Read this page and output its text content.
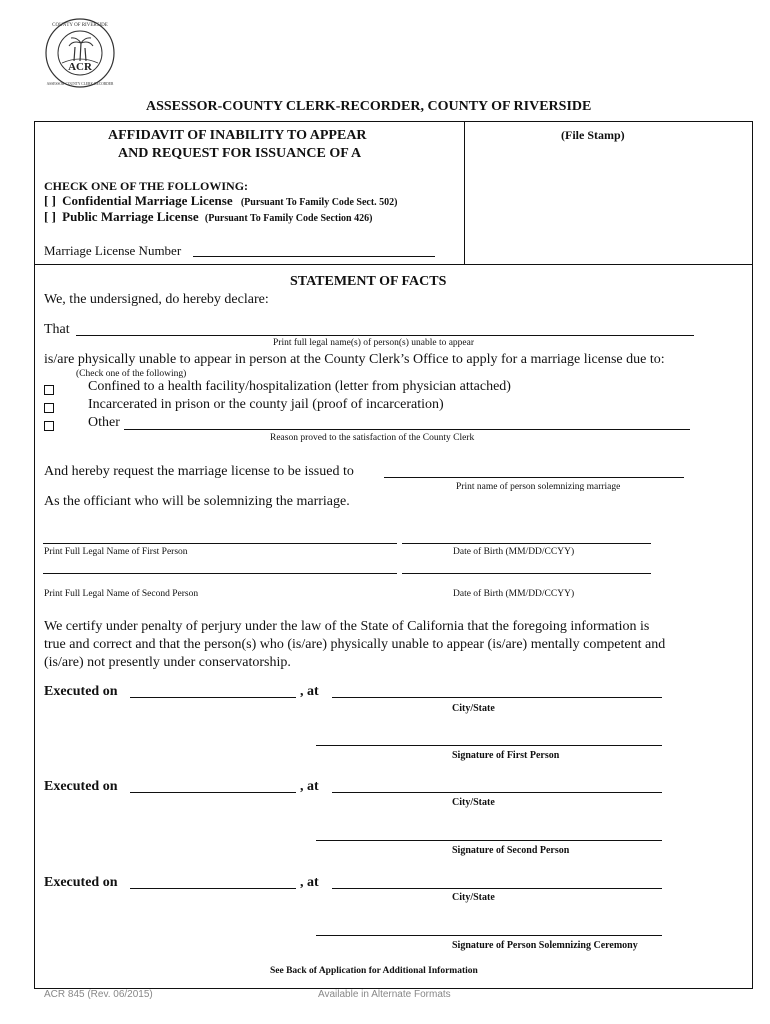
ACR
COUNTY OF RIVERSIDE
ASSESSOR-COUNTY CLERK-RECORDER
ASSESSOR-COUNTY CLERK-RECORDER, COUNTY OF RIVERSIDE
AFFIDAVIT OF INABILITY TO APPEAR
AND REQUEST FOR ISSUANCE OF A
(File Stamp)
CHECK ONE OF THE FOLLOWING:
[ ] Confidential Marriage License (Pursuant To Family Code Sect. 502)
[ ] Public Marriage License (Pursuant To Family Code Section 426)
Marriage License Number
STATEMENT OF FACTS
We, the undersigned, do hereby declare:
That
Print full legal name(s) of person(s) unable to appear
is/are physically unable to appear in person at the County Clerk’s Office to apply for a marriage license due to:
(Check one of the following)
Confined to a health facility/hospitalization (letter from physician attached)
Incarcerated in prison or the county jail (proof of incarceration)
Other
Reason proved to the satisfaction of the County Clerk
And hereby request the marriage license to be issued to
Print name of person solemnizing marriage
As the officiant who will be solemnizing the marriage.
Print Full Legal Name of First Person	Date of Birth (MM/DD/CCYY)
Print Full Legal Name of Second Person	Date of Birth (MM/DD/CCYY)
We certify under penalty of perjury under the law of the State of California that the foregoing information is
true and correct and that the person(s) who (is/are) physically unable to appear (is/are) mentally competent and
(is/are) not presently under conservatorship.
Executed on	, at
City/State
Signature of First Person
Executed on	, at
City/State
Signature of Second Person
Executed on	, at
City/State
Signature of Person Solemnizing Ceremony
See Back of Application for Additional Information
ACR 845 (Rev. 06/2015)	Available in Alternate Formats
